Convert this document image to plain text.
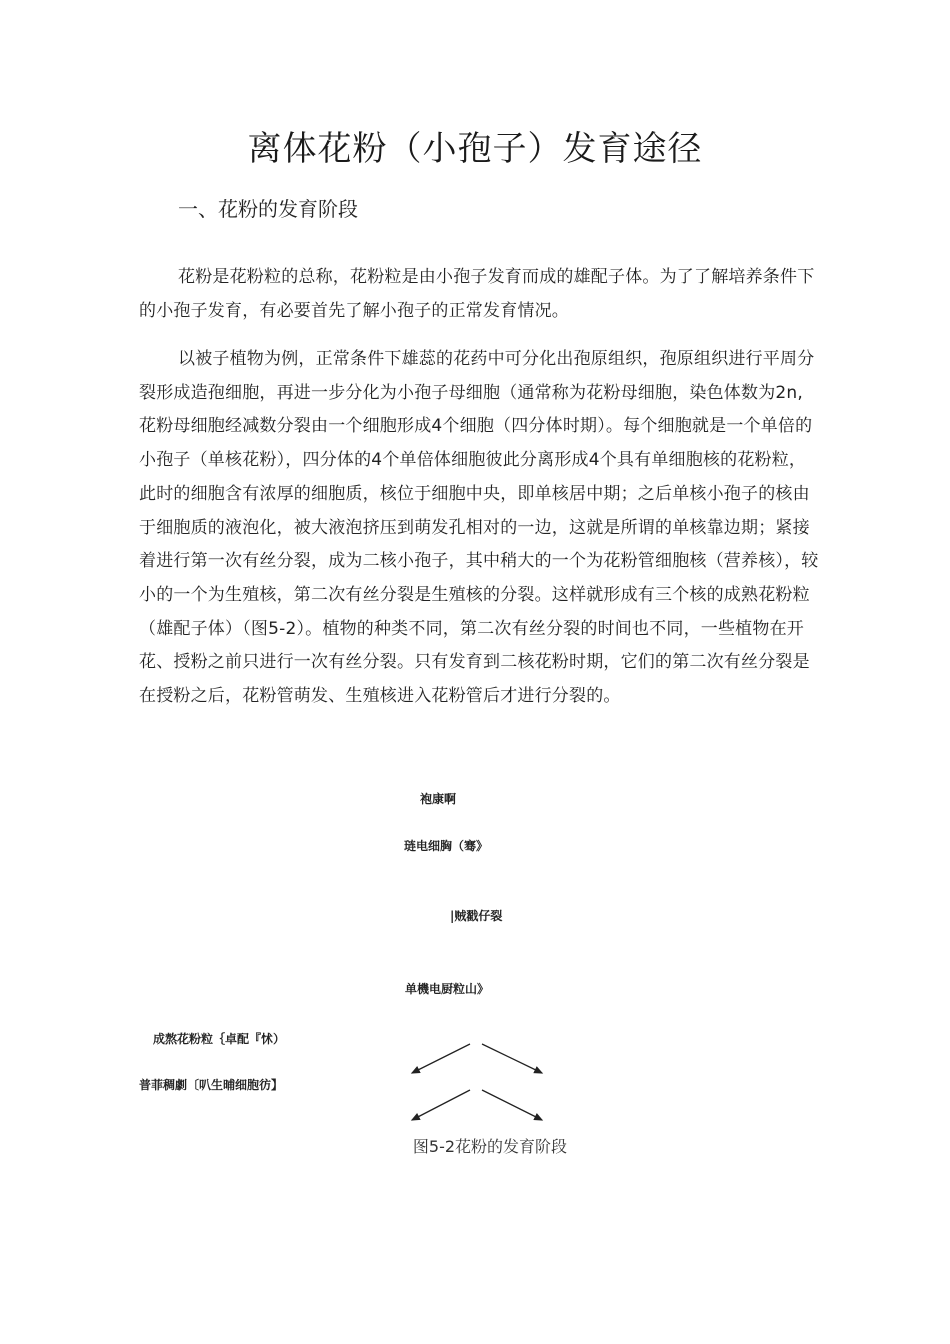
离体花粉（小孢子）发育途径
一、花粉的发育阶段

花粉是花粉粒的总称，花粉粒是由小孢子发育而成的雄配子体。为了了解培养条件下的小孢子发育，有必要首先了解小孢子的正常发育情况。

以被子植物为例，正常条件下雄蕊的花药中可分化出孢原组织，孢原组织进行平周分裂形成造孢细胞，再进一步分化为小孢子母细胞（通常称为花粉母细胞，染色体数为2n,花粉母细胞经减数分裂由一个细胞形成4个细胞（四分体时期）。每个细胞就是一个单倍的小孢子（单核花粉），四分体的4个单倍体细胞彼此分离形成4个具有单细胞核的花粉粒，此时的细胞含有浓厚的细胞质，核位于细胞中央，即单核居中期；之后单核小孢子的核由于细胞质的液泡化，被大液泡挤压到萌发孔相对的一边，这就是所谓的单核靠边期；紧接着进行第一次有丝分裂，成为二核小孢子，其中稍大的一个为花粉管细胞核（营养核），较小的一个为生殖核，第二次有丝分裂是生殖核的分裂。这样就形成有三个核的成熟花粉粒（雄配子体）（图5-2）。植物的种类不同，第二次有丝分裂的时间也不同，一些植物在开花、授粉之前只进行一次有丝分裂。只有发育到二核花粉时期，它们的第二次有丝分裂是在授粉之后，花粉管萌发、生殖核进入花粉管后才进行分裂的。

袍康啊
琏电细胸（骞》
|贼戳仔裂
单機电厨粒山》
成熬花粉粒｛卓配『怵）
普菲稠劇〔叭生晡细胞彷】
图5-2花粉的发育阶段
